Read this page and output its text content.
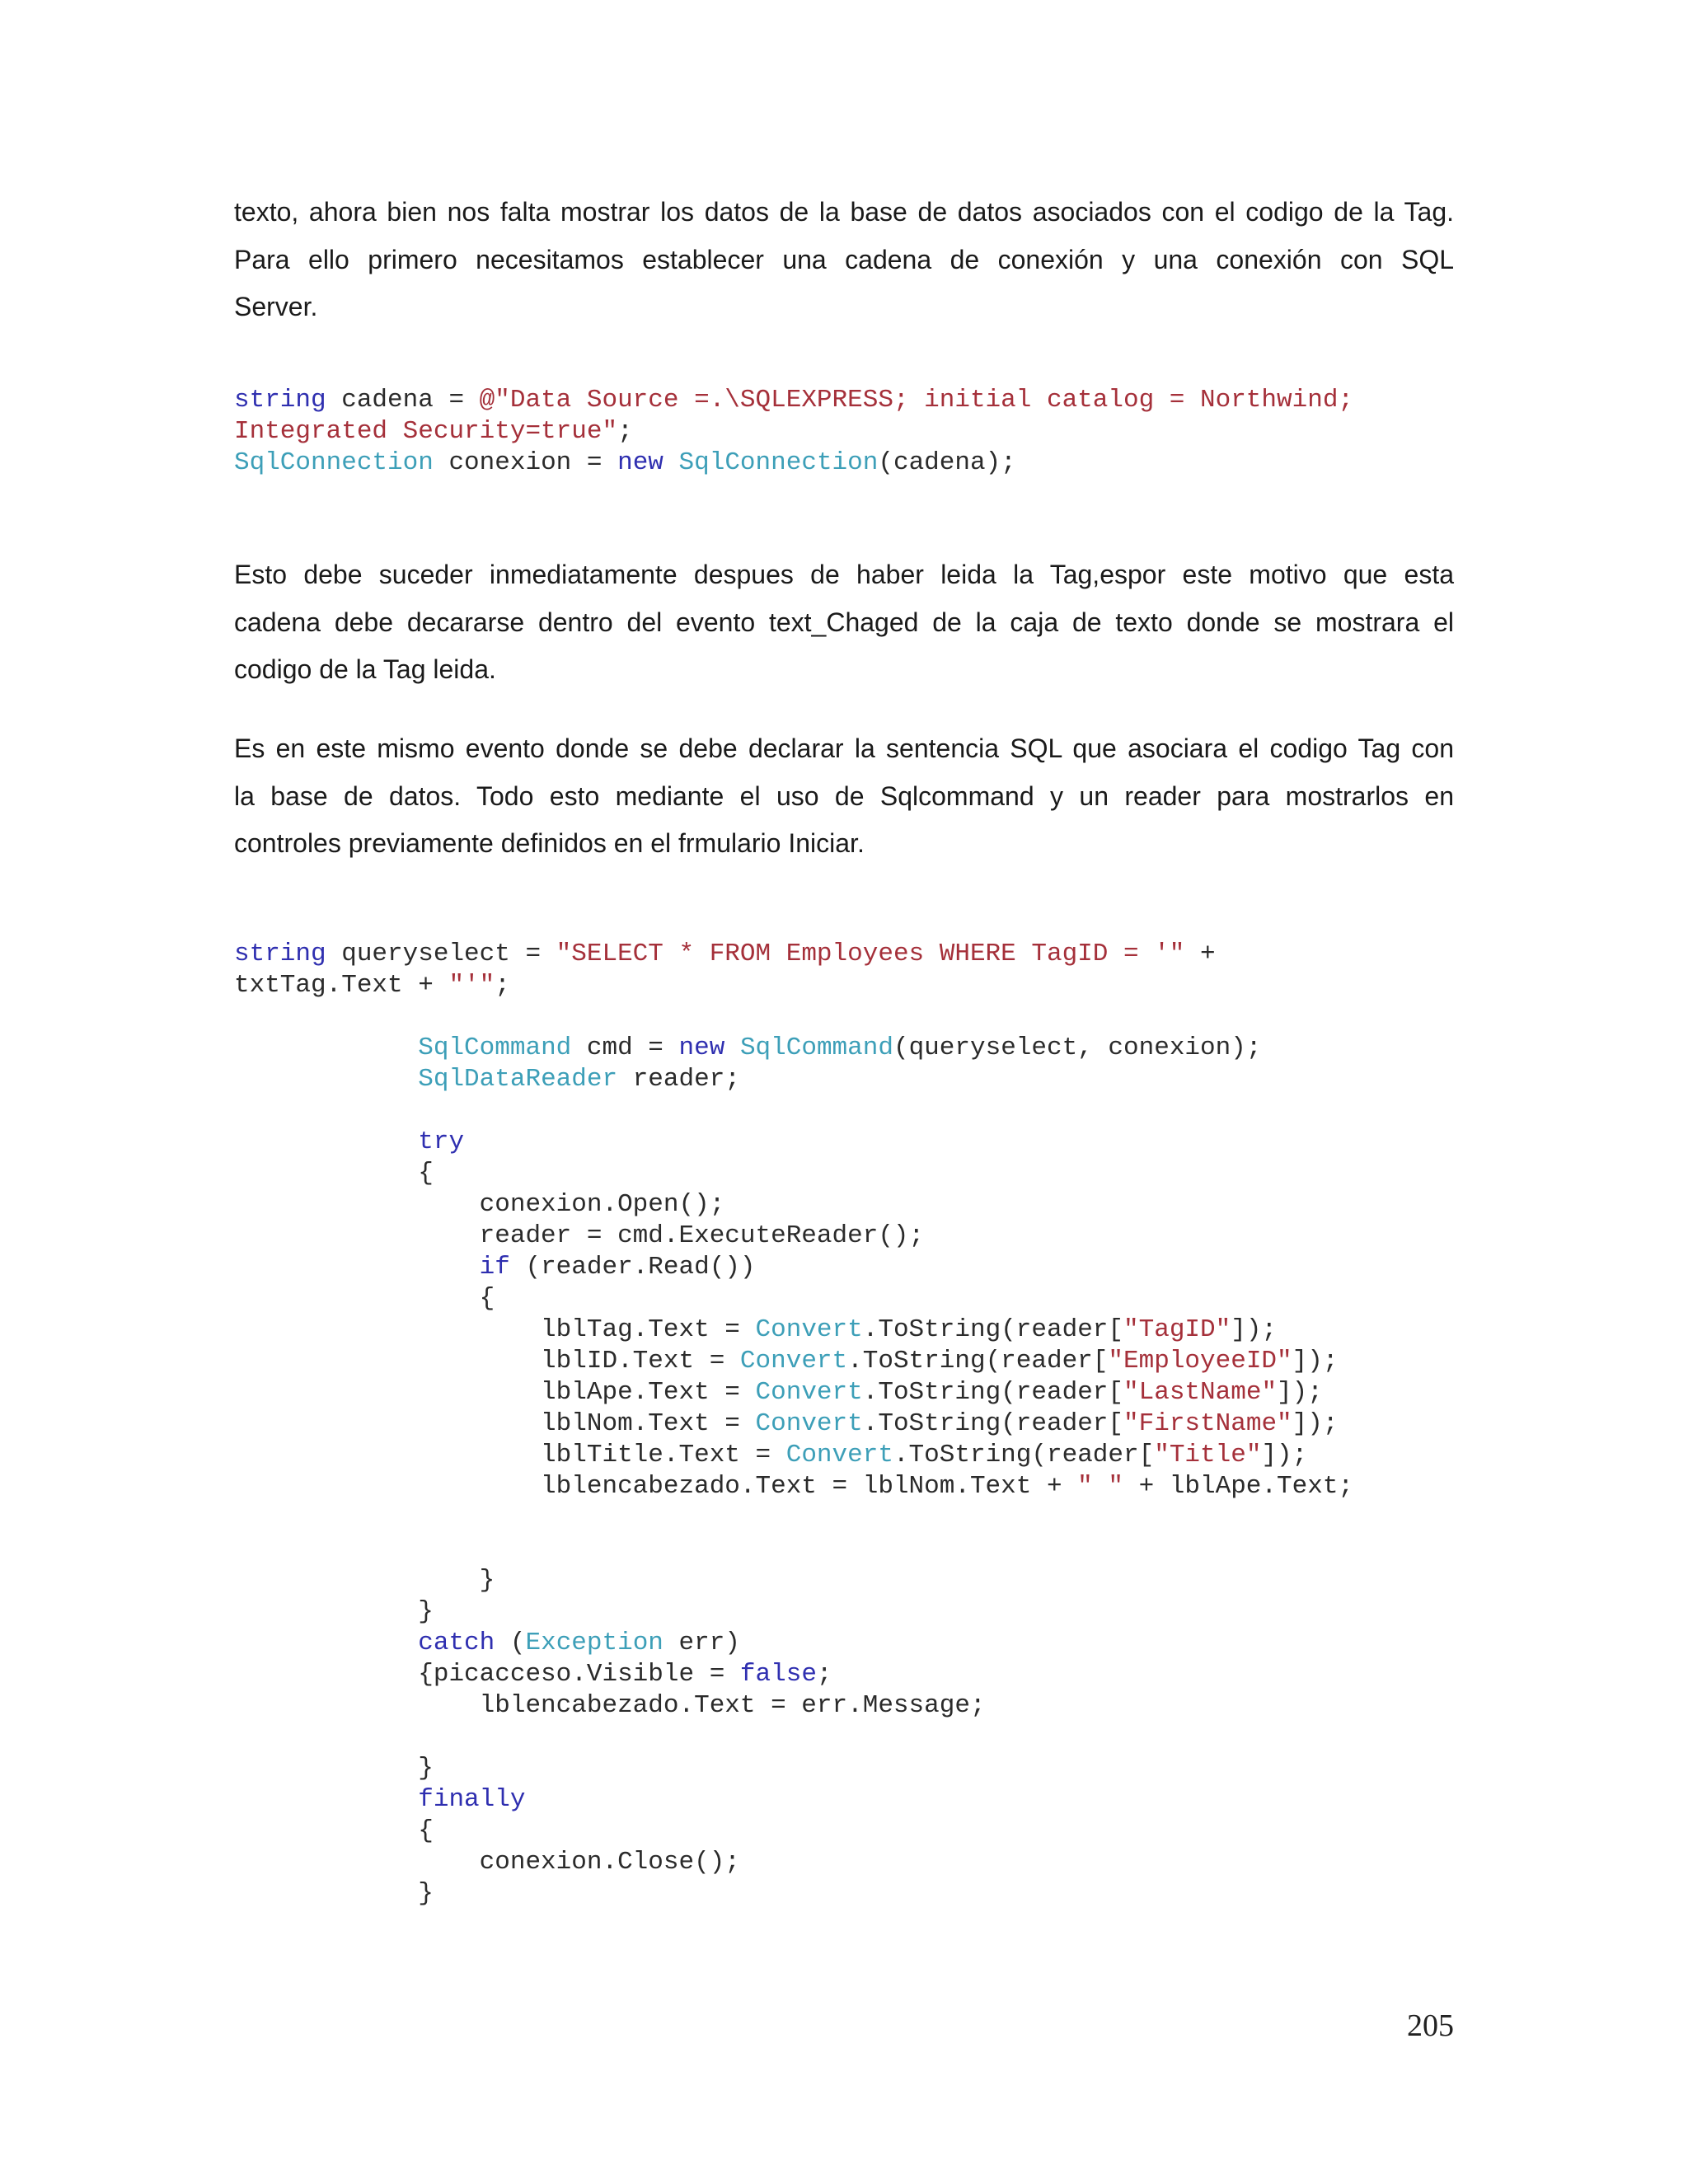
texto, ahora bien nos falta mostrar los datos de la base de datos asociados con el codigo de la Tag.
Para ello primero necesitamos establecer una cadena de conexión y una conexión con SQL
Server.
string cadena = @"Data Source =.\SQLEXPRESS; initial catalog = Northwind;
Integrated Security=true";
SqlConnection conexion = new SqlConnection(cadena);
Esto debe suceder inmediatamente despues de haber leida la Tag,espor este motivo que esta
cadena debe decararse dentro del evento text_Chaged de la caja de texto donde se mostrara el
codigo de la Tag leida.
Es en este mismo evento donde se debe declarar la sentencia SQL que asociara el codigo Tag con
la base de datos. Todo esto mediante el uso de Sqlcommand y un reader para mostrarlos en
controles previamente definidos en el frmulario Iniciar.
string queryselect = "SELECT * FROM Employees WHERE TagID = '" +
txtTag.Text + "'";
SqlCommand cmd = new SqlCommand(queryselect, conexion);
SqlDataReader reader;
try
{
conexion.Open();
reader = cmd.ExecuteReader();
if (reader.Read())
{
lblTag.Text = Convert.ToString(reader["TagID"]);
lblID.Text = Convert.ToString(reader["EmployeeID"]);
lblApe.Text = Convert.ToString(reader["LastName"]);
lblNom.Text = Convert.ToString(reader["FirstName"]);
lblTitle.Text = Convert.ToString(reader["Title"]);
lblencabezado.Text = lblNom.Text + " " + lblApe.Text;
}
}
catch (Exception err)
{picacceso.Visible = false;
lblencabezado.Text = err.Message;
}
finally
{
conexion.Close();
}
205
